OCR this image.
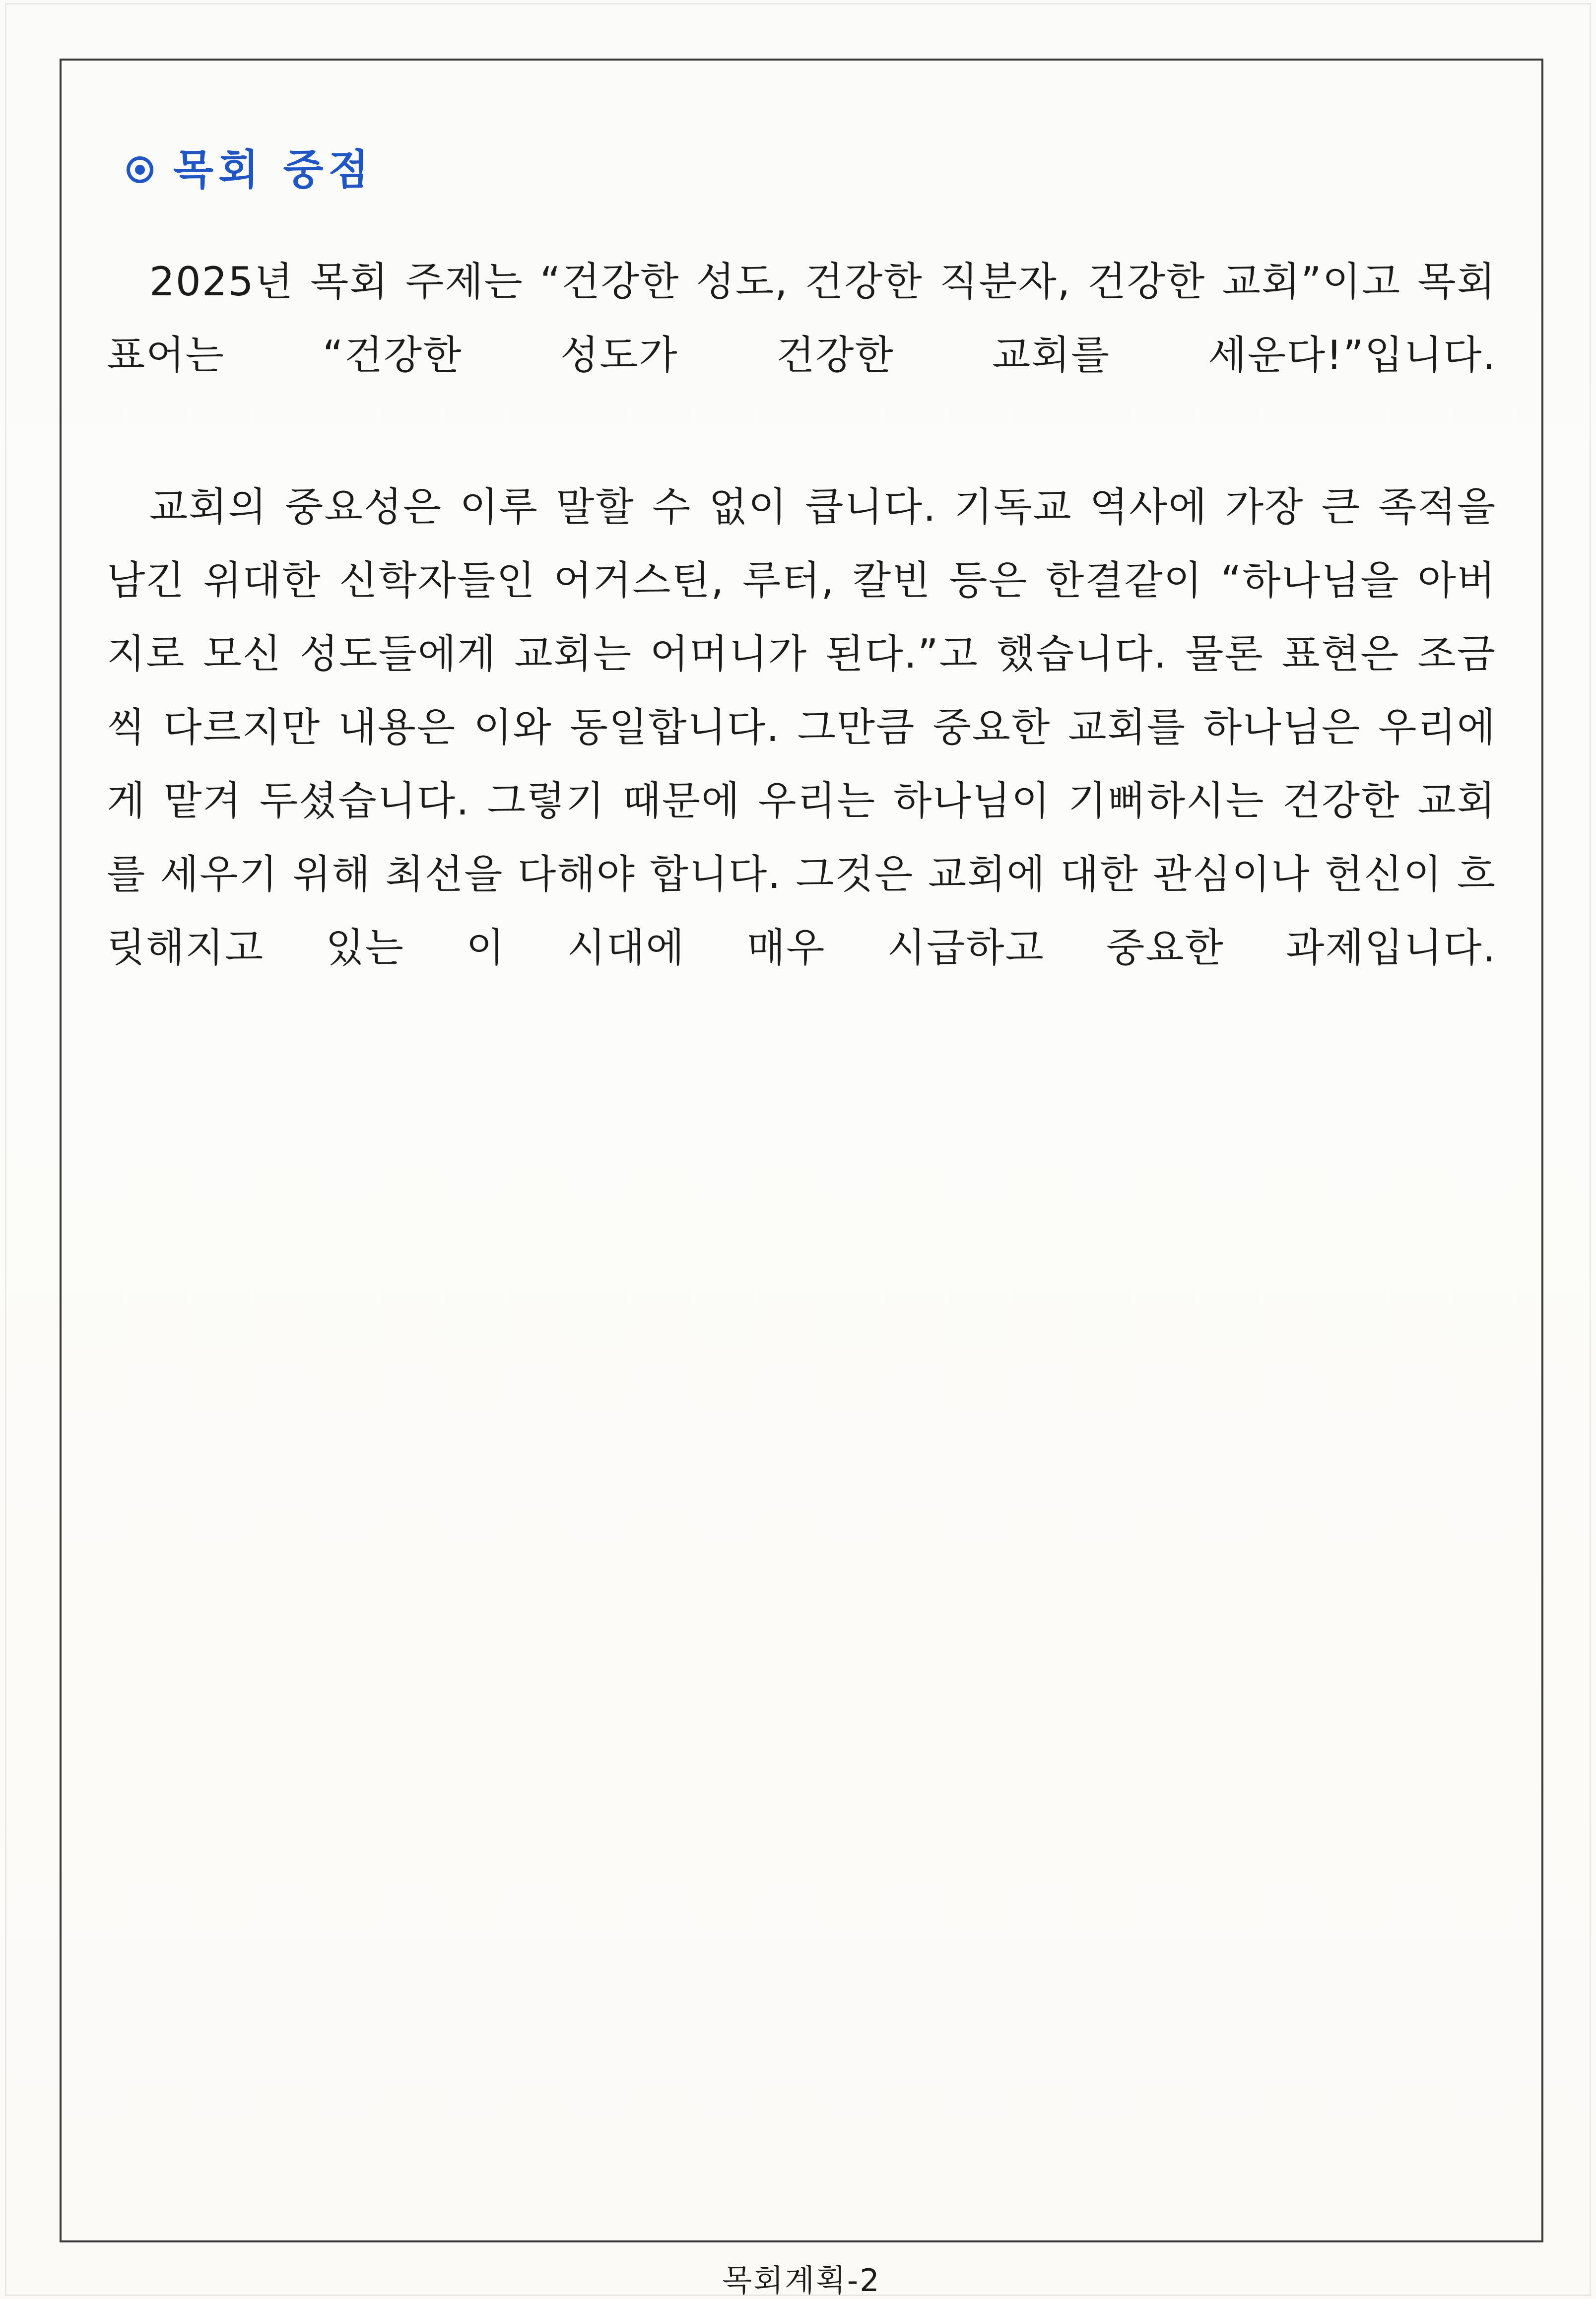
목회 중점

2025년 목회 주제는 “건강한 성도, 건강한 직분자, 건강한 교회”이고 목회 표어는 “건강한 성도가 건강한 교회를 세운다!”입니다.

교회의 중요성은 이루 말할 수 없이 큽니다. 기독교 역사에 가장 큰 족적을 남긴 위대한 신학자들인 어거스틴, 루터, 칼빈 등은 한결같이 “하나님을 아버지로 모신 성도들에게 교회는 어머니가 된다.”고 했습니다. 물론 표현은 조금씩 다르지만 내용은 이와 동일합니다. 그만큼 중요한 교회를 하나님은 우리에게 맡겨 두셨습니다. 그렇기 때문에 우리는 하나님이 기뻐하시는 건강한 교회를 세우기 위해 최선을 다해야 합니다. 그것은 교회에 대한 관심이나 헌신이 흐릿해지고 있는 이 시대에 매우 시급하고 중요한 과제입니다.

목회계획-2
